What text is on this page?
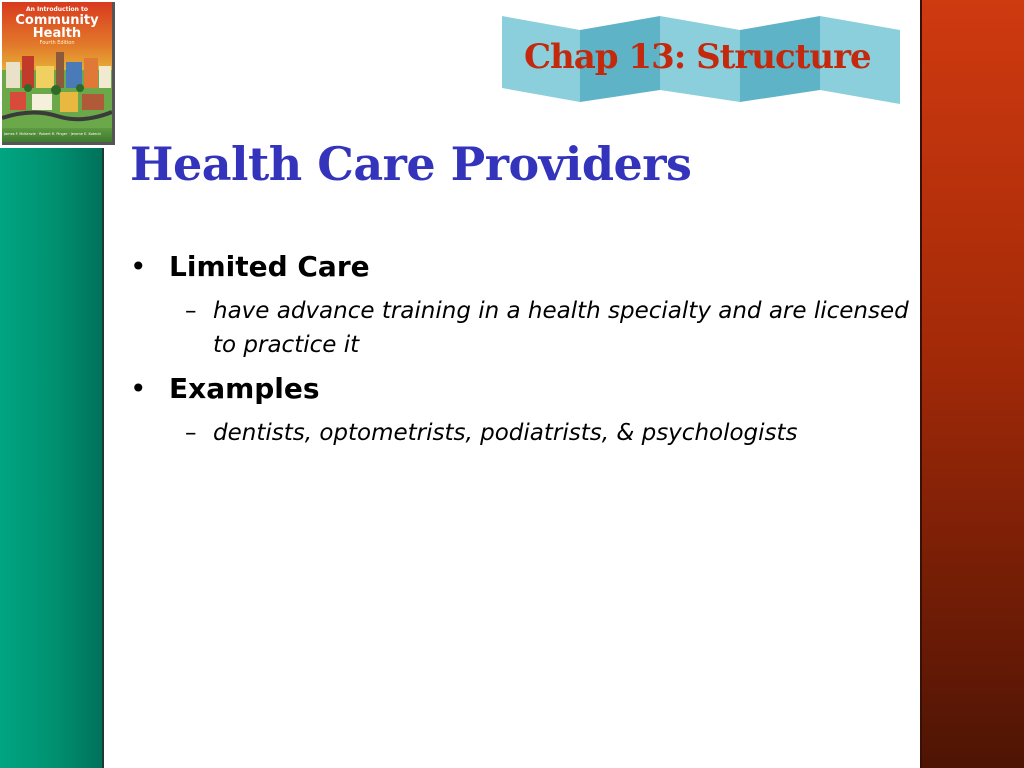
An Introduction to
Community
Health
Fourth Edition
James F. McKenzie · Robert R. Pinger · Jerome E. Kotecki
Chap 13: Structure
Health Care Providers
• Limited Care
– have advance training in a health specialty and are licensed to practice it
• Examples
– dentists, optometrists, podiatrists, & psychologists
